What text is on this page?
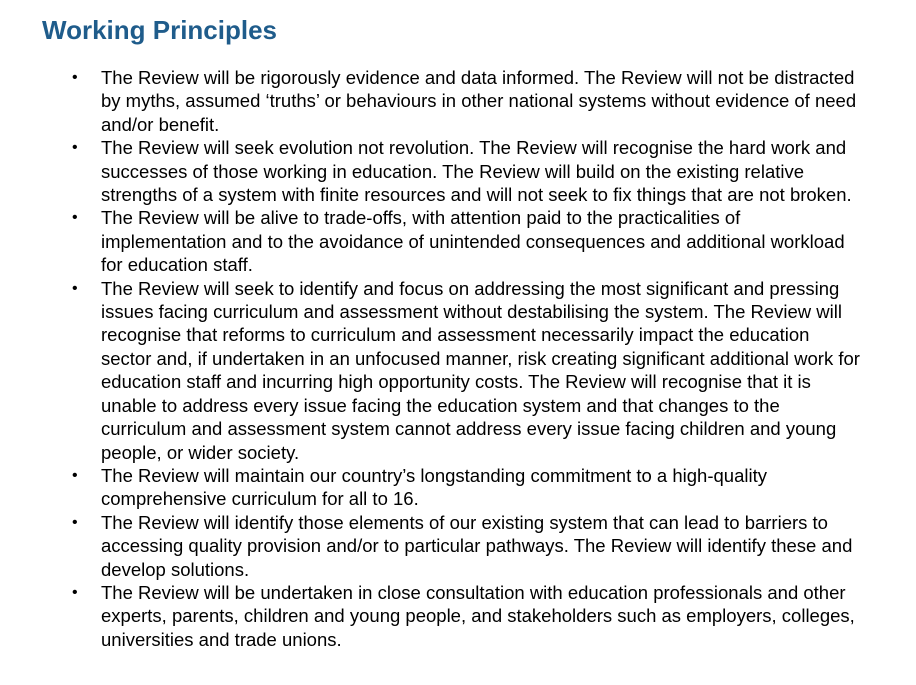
Working Principles
• The Review will be rigorously evidence and data informed. The Review will not be distracted by myths, assumed ‘truths’ or behaviours in other national systems without evidence of need and/or benefit.
• The Review will seek evolution not revolution. The Review will recognise the hard work and successes of those working in education. The Review will build on the existing relative strengths of a system with finite resources and will not seek to fix things that are not broken.
• The Review will be alive to trade-offs, with attention paid to the practicalities of implementation and to the avoidance of unintended consequences and additional workload for education staff.
• The Review will seek to identify and focus on addressing the most significant and pressing issues facing curriculum and assessment without destabilising the system. The Review will recognise that reforms to curriculum and assessment necessarily impact the education sector and, if undertaken in an unfocused manner, risk creating significant additional work for education staff and incurring high opportunity costs. The Review will recognise that it is unable to address every issue facing the education system and that changes to the curriculum and assessment system cannot address every issue facing children and young people, or wider society.
• The Review will maintain our country’s longstanding commitment to a high-quality comprehensive curriculum for all to 16.
• The Review will identify those elements of our existing system that can lead to barriers to accessing quality provision and/or to particular pathways. The Review will identify these and develop solutions.
• The Review will be undertaken in close consultation with education professionals and other experts, parents, children and young people, and stakeholders such as employers, colleges, universities and trade unions.
